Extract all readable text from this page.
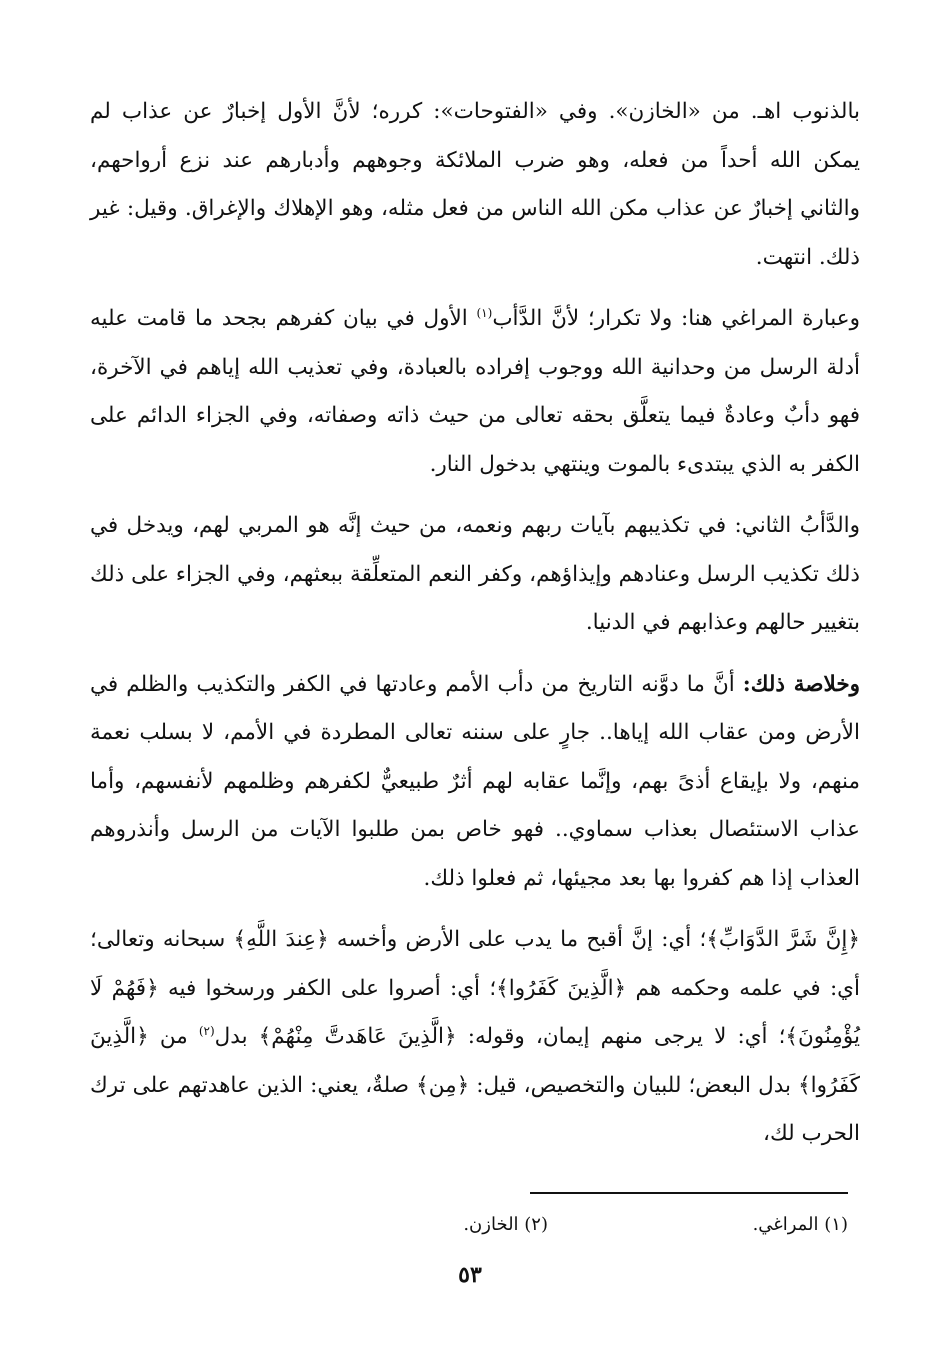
بالذنوب اهـ. من «الخازن». وفي «الفتوحات»: كرره؛ لأنَّ الأول إخبارٌ عن عذاب لم يمكن الله أحداً من فعله، وهو ضرب الملائكة وجوههم وأدبارهم عند نزع أرواحهم، والثاني إخبارٌ عن عذاب مكن الله الناس من فعل مثله، وهو الإهلاك والإغراق. وقيل: غير ذلك. انتهت.

وعبارة المراغي هنا: ولا تكرار؛ لأنَّ الدَّأب$^{(١)}$ الأول في بيان كفرهم بجحد ما قامت عليه أدلة الرسل من وحدانية الله ووجوب إفراده بالعبادة، وفي تعذيب الله إياهم في الآخرة، فهو دأبٌ وعادةٌ فيما يتعلَّق بحقه تعالى من حيث ذاته وصفاته، وفي الجزاء الدائم على الكفر به الذي يبتدىء بالموت وينتهي بدخول النار.

والدَّأبُ الثاني: في تكذيبهم بآيات ربهم ونعمه، من حيث إنَّه هو المربي لهم، ويدخل في ذلك تكذيب الرسل وعنادهم وإيذاؤهم، وكفر النعم المتعلِّقة ببعثهم، وفي الجزاء على ذلك بتغيير حالهم وعذابهم في الدنيا.

وخلاصة ذلك: أنَّ ما دوَّنه التاريخ من دأب الأمم وعادتها في الكفر والتكذيب والظلم في الأرض ومن عقاب الله إياها.. جارٍ على سننه تعالى المطردة في الأمم، لا بسلب نعمة منهم، ولا بإيقاع أذىً بهم، وإنَّما عقابه لهم أثرٌ طبيعيٌّ لكفرهم وظلمهم لأنفسهم، وأما عذاب الاستئصال بعذاب سماوي.. فهو خاص بمن طلبوا الآيات من الرسل وأنذروهم العذاب إذا هم كفروا بها بعد مجيئها، ثم فعلوا ذلك.

﴿إِنَّ شَرَّ الدَّوَابِّ﴾؛ أي: إنَّ أقبح ما يدب على الأرض وأخسه ﴿عِندَ اللَّهِ﴾ سبحانه وتعالى؛ أي: في علمه وحكمه هم ﴿الَّذِينَ كَفَرُوا﴾؛ أي: أصروا على الكفر ورسخوا فيه ﴿فَهُمْ لَا يُؤْمِنُونَ﴾؛ أي: لا يرجى منهم إيمان، وقوله: ﴿الَّذِينَ عَاهَدتَّ مِنْهُمْ﴾ بدل$^{(٢)}$ من ﴿الَّذِينَ كَفَرُوا﴾ بدل البعض؛ للبيان والتخصيص، قيل: ﴿مِن﴾ صلةٌ، يعني: الذين عاهدتهم على ترك الحرب لك،

(١) المراغي.
(٢) الخازن.
٥٣
